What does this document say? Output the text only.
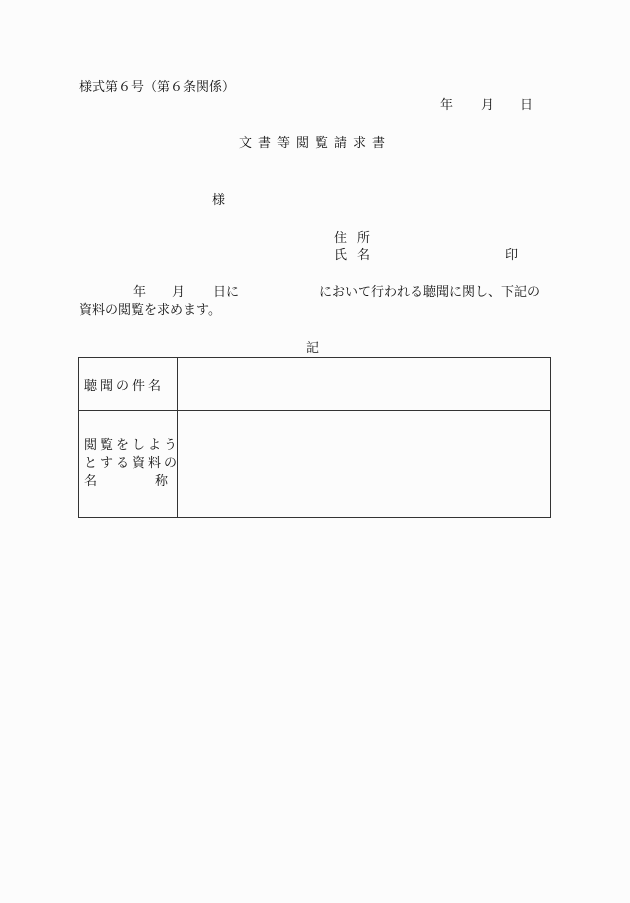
様式第６号（第６条関係）
年 月 日
文書等閲覧請求書
様
住所
氏名	印
年 月 日に	において行われる聴聞に関し、下記の
資料の閲覧を求めます。
記
聴聞の件名	

閲覧をしよう
とする資料の
名 称	
